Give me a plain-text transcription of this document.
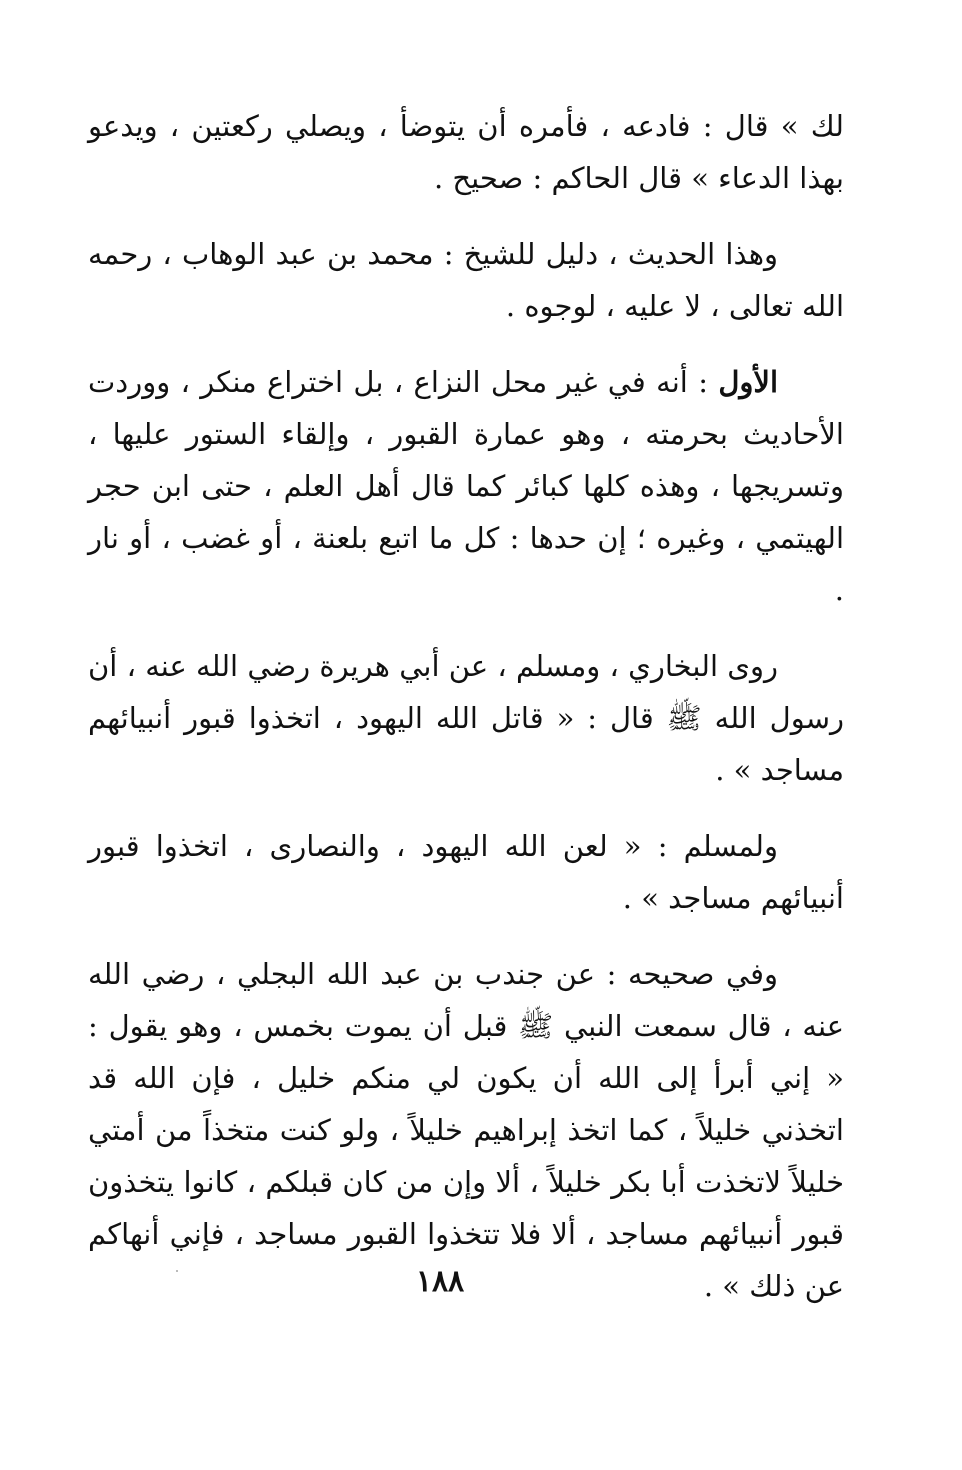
لك » قال : فادعه ، فأمره أن يتوضأ ، ويصلي ركعتين ، ويدعو بهذا الدعاء » قال الحاكم : صحيح .

وهذا الحديث ، دليل للشيخ : محمد بن عبد الوهاب ، رحمه الله تعالى ، لا عليه ، لوجوه .

الأول : أنه في غير محل النزاع ، بل اختراع منكر ، ووردت الأحاديث بحرمته ، وهو عمارة القبور ، وإلقاء الستور عليها ، وتسريجها ، وهذه كلها كبائر كما قال أهل العلم ، حتى ابن حجر الهيتمي ، وغيره ؛ إن حدها : كل ما اتبع بلعنة ، أو غضب ، أو نار .

روى البخاري ، ومسلم ، عن أبي هريرة رضي الله عنه ، أن رسول الله ﷺ قال : « قاتل الله اليهود ، اتخذوا قبور أنبيائهم مساجد » .

ولمسلم : « لعن الله اليهود ، والنصارى ، اتخذوا قبور أنبيائهم مساجد » .

وفي صحيحه : عن جندب بن عبد الله البجلي ، رضي الله عنه ، قال سمعت النبي ﷺ قبل أن يموت بخمس ، وهو يقول : « إني أبرأ إلى الله أن يكون لي منكم خليل ، فإن الله قد اتخذني خليلاً ، كما اتخذ إبراهيم خليلاً ، ولو كنت متخذاً من أمتي خليلاً لاتخذت أبا بكر خليلاً ، ألا وإن من كان قبلكم ، كانوا يتخذون قبور أنبيائهم مساجد ، ألا فلا تتخذوا القبور مساجد ، فإني أنهاكم عن ذلك » .

١٨٨
